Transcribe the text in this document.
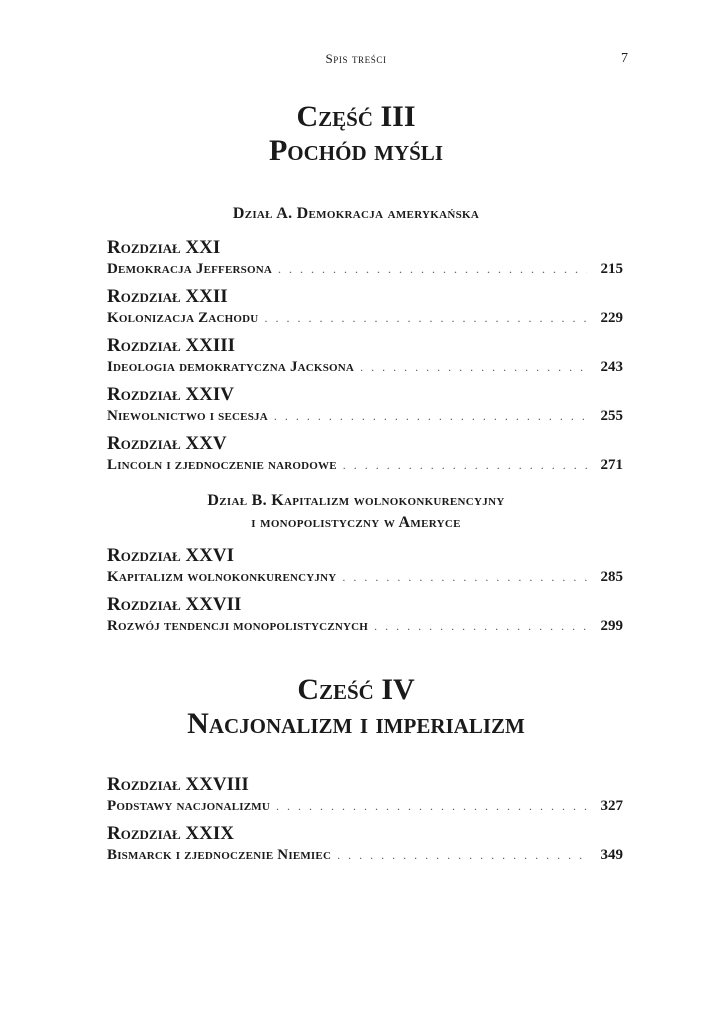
Spis treści	7
Część III
Pochód myśli
Dział A. Demokracja amerykańska
Rozdział XXI
Demokracja Jeffersona . . .	215
Rozdział XXII
Kolonizacja Zachodu . . .	229
Rozdział XXIII
Ideologia demokratyczna Jacksona . . .	243
Rozdział XXIV
Niewolnictwo i secesja . . .	255
Rozdział XXV
Lincoln i zjednoczenie narodowe . . .	271
Dział B. Kapitalizm wolnokonkurencyjny
i monopolistyczny w Ameryce
Rozdział XXVI
Kapitalizm wolnokonkurencyjny . . .	285
Rozdział XXVII
Rozwój tendencji monopolistycznych . . .	299
Cześć IV
Nacjonalizm i imperializm
Rozdział XXVIII
Podstawy nacjonalizmu . . .	327
Rozdział XXIX
Bismarck i zjednoczenie Niemiec . . .	349
